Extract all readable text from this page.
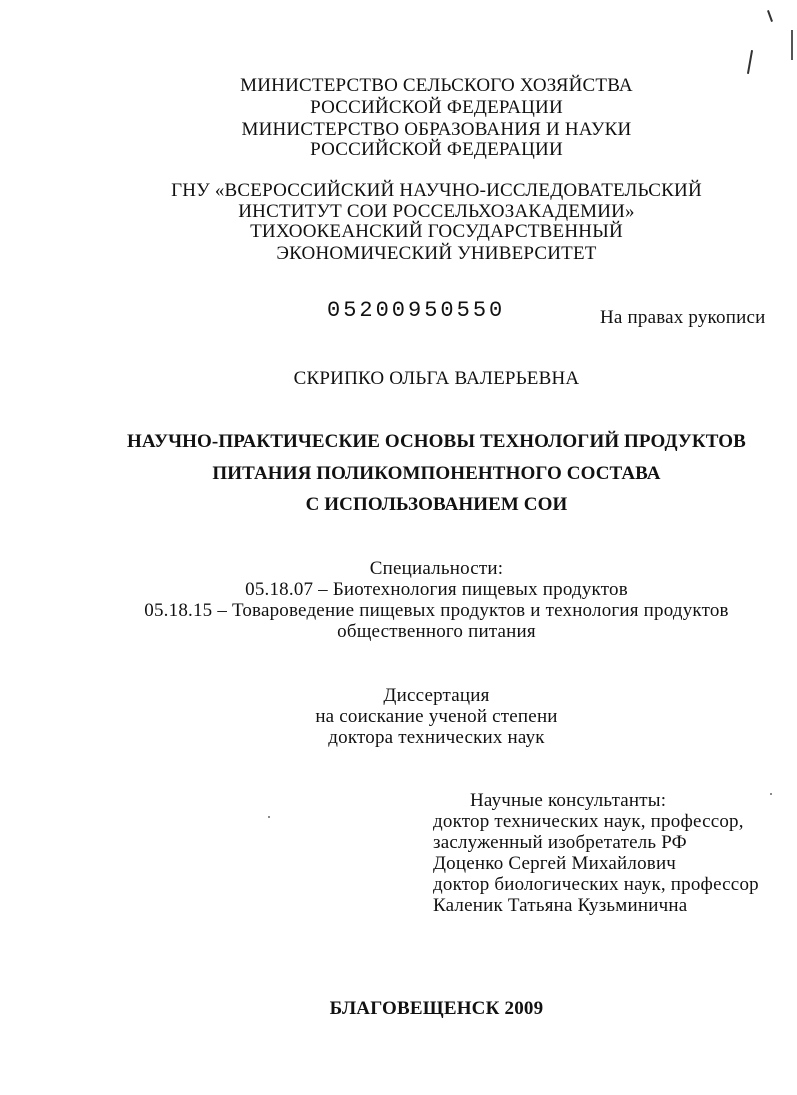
МИНИСТЕРСТВО СЕЛЬСКОГО ХОЗЯЙСТВА
РОССИЙСКОЙ ФЕДЕРАЦИИ
МИНИСТЕРСТВО ОБРАЗОВАНИЯ И НАУКИ
РОССИЙСКОЙ ФЕДЕРАЦИИ
ГНУ «ВСЕРОССИЙСКИЙ НАУЧНО-ИССЛЕДОВАТЕЛЬСКИЙ
ИНСТИТУТ СОИ РОССЕЛЬХОЗАКАДЕМИИ»
ТИХООКЕАНСКИЙ ГОСУДАРСТВЕННЫЙ
ЭКОНОМИЧЕСКИЙ УНИВЕРСИТЕТ
05200950550	На правах рукописи
СКРИПКО ОЛЬГА ВАЛЕРЬЕВНА
НАУЧНО-ПРАКТИЧЕСКИЕ ОСНОВЫ ТЕХНОЛОГИЙ ПРОДУКТОВ
ПИТАНИЯ ПОЛИКОМПОНЕНТНОГО СОСТАВА
С ИСПОЛЬЗОВАНИЕМ СОИ
Специальности:
05.18.07 – Биотехнология пищевых продуктов
05.18.15 – Товароведение пищевых продуктов и технология продуктов
общественного питания
Диссертация
на соискание ученой степени
доктора технических наук
Научные консультанты:
доктор технических наук, профессор,
заслуженный изобретатель РФ
Доценко Сергей Михайлович
доктор биологических наук, профессор
Каленик Татьяна Кузьминична
БЛАГОВЕЩЕНСК 2009
